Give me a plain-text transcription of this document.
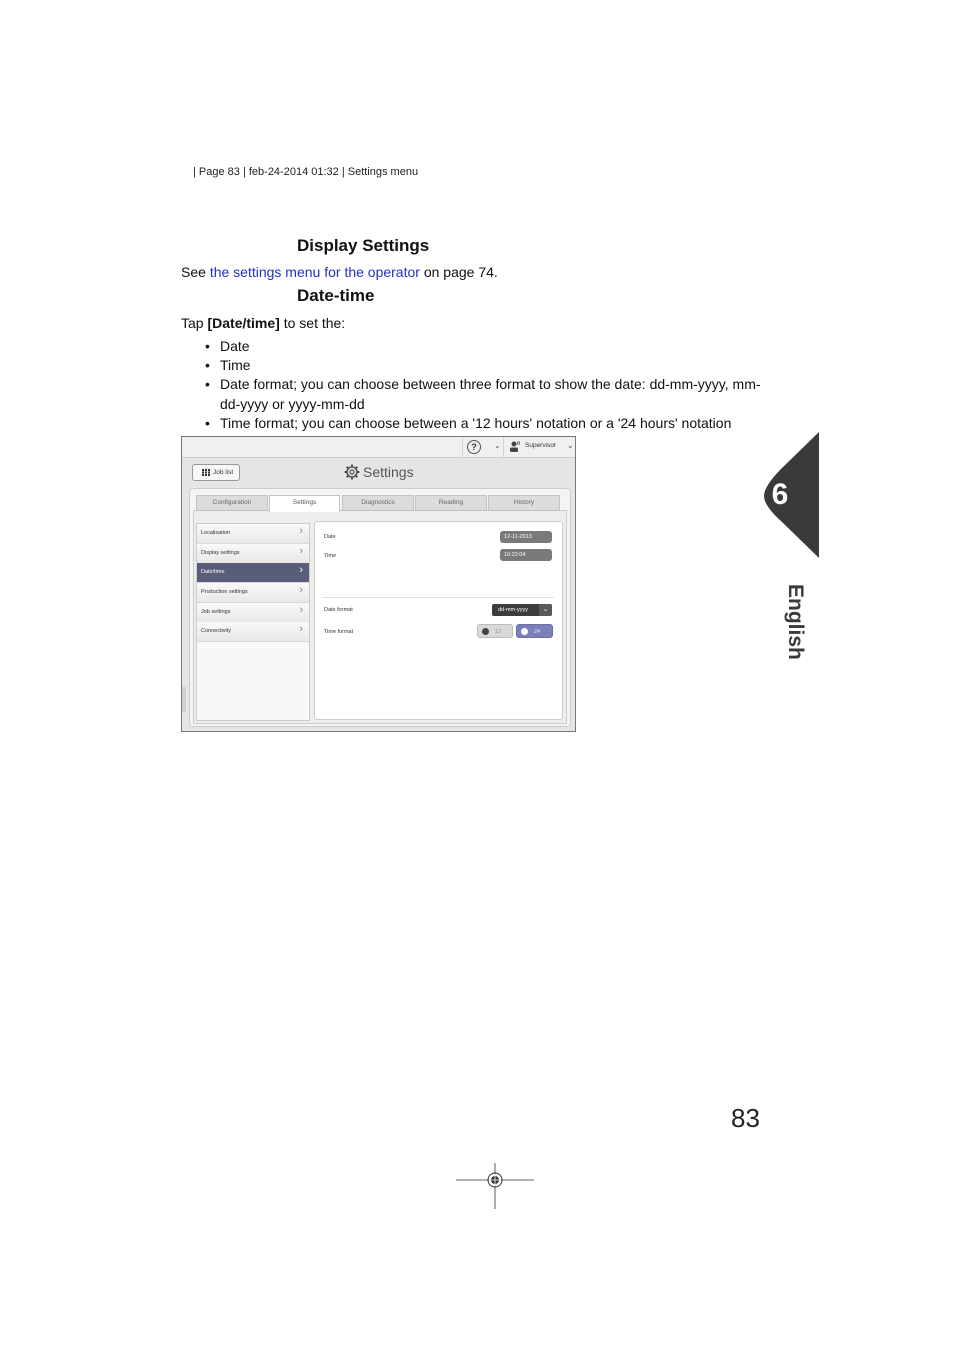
| Page 83 | feb-24-2014 01:32 | Settings menu
Display Settings
See the settings menu for the operator on page 74.
Date-time
Tap [Date/time] to set the:
• Date
• Time
• Date format; you can choose between three format to show the date: dd-mm-yyyy, mm-dd-yyyy or yyyy-mm-dd
• Time format; you can choose between a '12 hours' notation or a '24 hours' notation
?	⌄	Supervisor ⌄
Job list	Settings
Configuration	Settings	Diagnostics	Reading	History
Localisation	›
Display settings	›
Date/time	›
Production settings	›
Job settings	›
Connectivity	›
Date	12-11-2013
Time	10:22:04
Date format	dd-mm-yyyy	⌄
Time format	12	24
6
English
83
